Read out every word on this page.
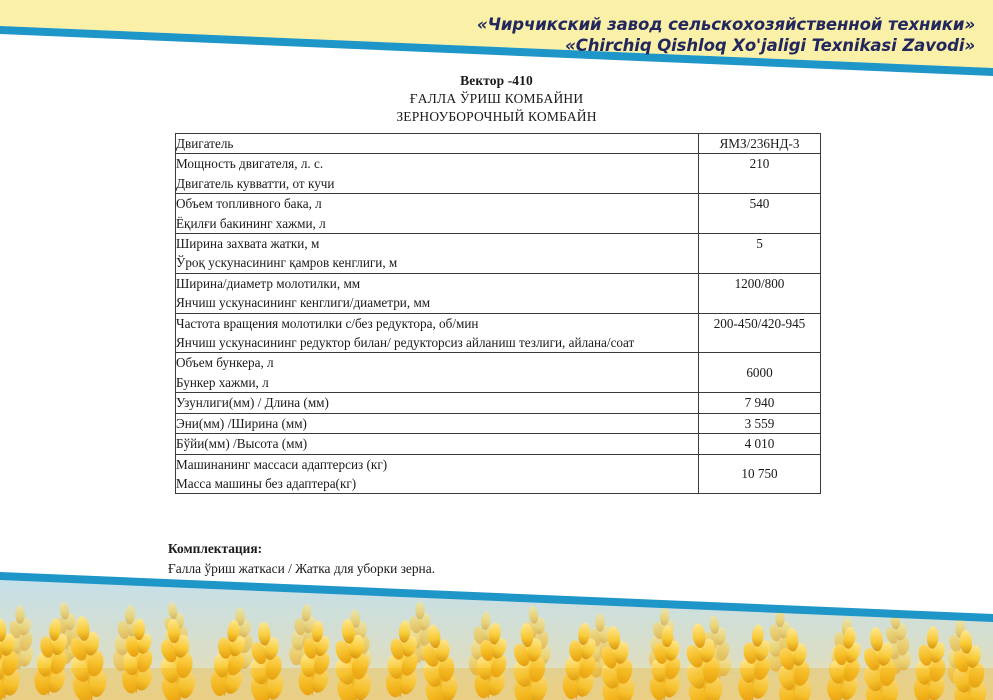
«Чирчикский завод сельскохозяйственной техники»
«Chirchiq Qishloq Xo'jaligi Texnikasi Zavodi»
Вектор -410
ҒАЛЛА ЎРИШ КОМБАЙНИ
ЗЕРНОУБОРОЧНЫЙ КОМБАЙН
Двигатель	ЯМЗ/236НД-3

Мощность двигателя, л. с.
Двигатель кувватти, от кучи	210

Объем топливного бака, л
Ёқилғи бакининг хажми, л	540

Ширина захвата жатки, м
Ўроқ ускунасининг қамров кенглиги, м	5

Ширина/диаметр молотилки, мм
Янчиш ускунасининг кенглиги/диаметри, мм	1200/800

Частота вращения молотилки с/без редуктора, об/мин
Янчиш ускунасининг редуктор билан/ редукторсиз айланиш тезлиги, айлана/соат	200-450/420-945

Объем бункера, л
Бункер хажми, л	6000

Узунлиги(мм) / Длина (мм)	7 940

Эни(мм) /Ширина (мм)	3 559

Бўйи(мм) /Высота (мм)	4 010

Машинанинг массаси адаптерсиз (кг)
Масса машины без адаптера(кг)	10 750
Комплектация:
Ғалла ўриш жаткаси / Жатка для уборки зерна.
